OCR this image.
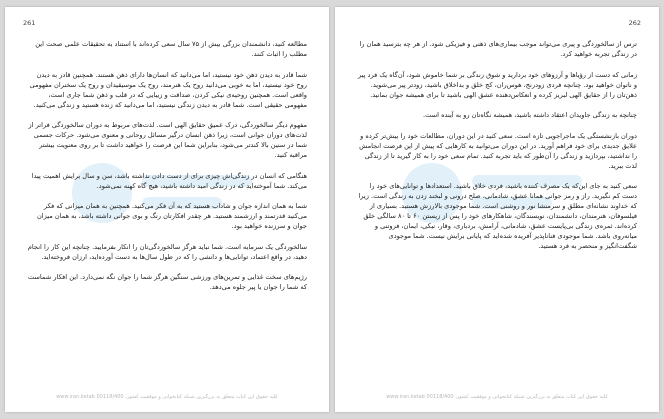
261

مطالعه کنید، دانشمندان بزرگی بیش از ۷۵ سال سعی کرده‌اند با استناد به تحقیقات علمی صحت این مطلب را اثبات کنند.

شما قادر به دیدن ذهن خود نیستید، اما می‌دانید که انسان‌ها دارای ذهن هستند. همچنین قادر به دیدن روح خود نیستید، اما به خوبی می‌دانید روح یک هنرمند، روح یک موسیقیدان و روح یک سخنران مفهومی واقعی است. همچنین روحیه‌ی نیکی کردن، صداقت و زیبایی که در قلب و ذهن شما جاری است، مفهومی حقیقی است. شما قادر به دیدن زندگی نیستید، اما می‌دانید که زنده هستید و زندگی می‌کنید.

مفهوم دیگر سالخوردگی، درک عمیق حقایق الهی است. لذت‌های مربوط به دوران سالخوردگی فراتر از لذت‌های دوران جوانی است، زیرا ذهن انسان درگیر مسائل روحانی و معنوی می‌شود. حرکات جسمی شما در سنین بالا کندتر می‌شود، بنابراین شما این فرصت را خواهید داشت تا بر روی معنویت بیشتر مراقبه کنید.

هنگامی که انسان در زندگی‌اش چیزی برای از دست دادن نداشته باشد، سن و سال برایش اهمیت پیدا می‌کند. شما آموخته‌اید که در زندگی امید داشته باشید، هیچ گاه کهنه نمی‌شود.

شما به همان اندازه جوان و شاداب هستید که به آن فکر می‌کنید. همچنین به همان میزانی که فکر می‌کنید قدرتمند و ارزشمند هستید. هر چقدر افکارتان رنگ و بوی جوانی داشته باشد، به همان میزان جوان و سرزنده خواهید بود.

سالخوردگی یک سرمایه است. شما نباید هرگز سالخوردگی‌تان را انکار بفرمایید. چنانچه این کار را انجام دهید، در واقع اعتماد، توانایی‌ها و دانشی را که در طول سال‌ها به دست آورده‌اید، ارزان فروخته‌اید.

رژیم‌های سخت غذایی و تمرین‌های ورزشی سنگین هرگز شما را جوان نگه نمی‌دارد. این افکار شماست که شما را جوان یا پیر جلوه می‌دهد.

کلیه حقوق این کتاب متعلق به بزرگترین شبکه کتابخوانی و موفقیت کشور، 00118/400 www.iran.ketab
262

ترس از سالخوردگی و پیری می‌تواند موجب بیماری‌های ذهنی و فیزیکی شود. از هر چه بترسید همان را در زندگی تجربه خواهید کرد.

زمانی که دست از رؤیاها و آرزوهای خود بردارید و شوق زندگی بر شما خاموش شود، آن‌گاه یک فرد پیر و ناتوان خواهید بود. چنانچه فردی زودرنج، هوس‌ران، کج خلق و بداخلاق باشید، زودتر پیر می‌شوید. ذهن‌تان را از حقایق الهی لبریز کرده و انعکاس‌دهنده عشق الهی باشید تا برای همیشه جوان بمانید.

چنانچه به زندگی جاویدان اعتقاد داشته باشید، همیشه نگاه‌تان رو به آینده است.

دوران بازنشستگی یک ماجراجویی تازه است. سعی کنید در این دوران، مطالعات خود را بیش‌تر کرده و علایق جدیدی برای خود فراهم آورید. در این دوران می‌توانید به کارهایی که پیش از این فرصت انجامش را نداشتید، بپردازید و زندگی را آن‌طور که باید تجربه کنید. تمام سعی خود را به کار گیرید تا از زندگی لذت ببرید.

سعی کنید به جای این‌که یک مصرف کننده باشید، فردی خلاق باشید. استعدادها و توانایی‌های خود را دست کم نگیرید. راز و رمز جوانی همانا عشق، شادمانی، صلح درونی و لبخند زدن به زندگی است. زیرا که خداوند نشانه‌ای مطلق و سرمنشا نور و روشنی است. شما موجودی بالارزش هستید. بسیاری از فیلسوفان، هنرمندان، دانشمندان، نویسندگان، شاهکارهای خود را پس از زیستن ۶۰ تا ۸۰ سالگی خلق کرده‌اند. ثمره‌ی زندگی بی‌پایست عشق، شادمانی، آرامش، بردباری، وقار، نیکی، ایمان، فروتنی و میانه‌روی باشد. شما موجودی فناناپذیر آفریده شده‌اید که پایانی برایش نیست. شما موجودی شگفت‌انگیز و منحصر به فرد هستید.

کلیه حقوق این کتاب متعلق به بزرگترین شبکه کتابخوانی و موفقیت کشور، 00118/400 www.iran.ketab
